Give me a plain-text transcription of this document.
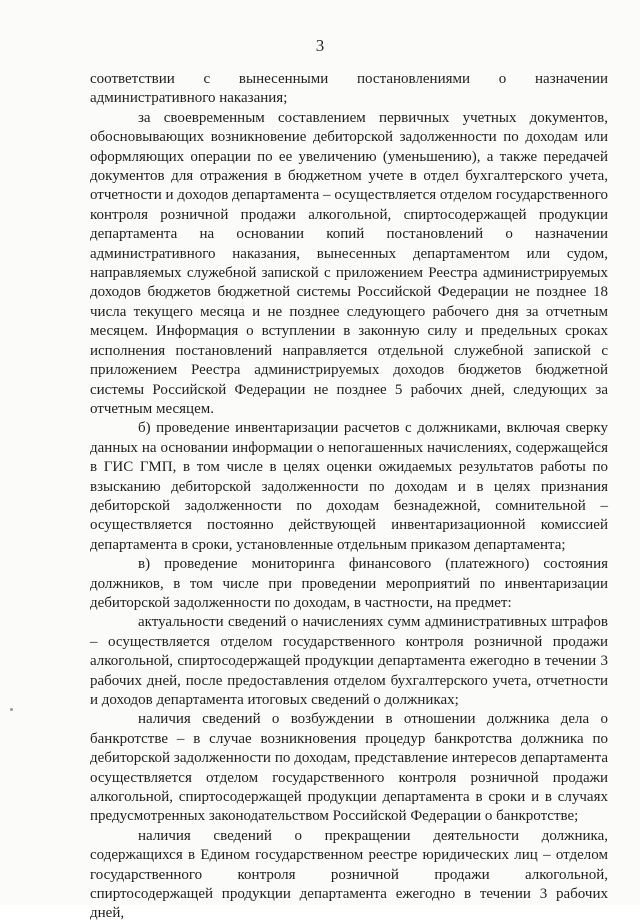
3

соответствии с вынесенными постановлениями о назначении административного наказания;

за своевременным составлением первичных учетных документов, обосновывающих возникновение дебиторской задолженности по доходам или оформляющих операции по ее увеличению (уменьшению), а также передачей документов для отражения в бюджетном учете в отдел бухгалтерского учета, отчетности и доходов департамента – осуществляется отделом государственного контроля розничной продажи алкогольной, спиртосодержащей продукции департамента на основании копий постановлений о назначении административного наказания, вынесенных департаментом или судом, направляемых служебной запиской с приложением Реестра администрируемых доходов бюджетов бюджетной системы Российской Федерации не позднее 18 числа текущего месяца и не позднее следующего рабочего дня за отчетным месяцем. Информация о вступлении в законную силу и предельных сроках исполнения постановлений направляется отдельной служебной запиской с приложением Реестра администрируемых доходов бюджетов бюджетной системы Российской Федерации не позднее 5 рабочих дней, следующих за отчетным месяцем.

б) проведение инвентаризации расчетов с должниками, включая сверку данных на основании информации о непогашенных начислениях, содержащейся в ГИС ГМП, в том числе в целях оценки ожидаемых результатов работы по взысканию дебиторской задолженности по доходам и в целях признания дебиторской задолженности по доходам безнадежной, сомнительной – осуществляется постоянно действующей инвентаризационной комиссией департамента в сроки, установленные отдельным приказом департамента;

в) проведение мониторинга финансового (платежного) состояния должников, в том числе при проведении мероприятий по инвентаризации дебиторской задолженности по доходам, в частности, на предмет:

актуальности сведений о начислениях сумм административных штрафов – осуществляется отделом государственного контроля розничной продажи алкогольной, спиртосодержащей продукции департамента ежегодно в течении 3 рабочих дней, после предоставления отделом бухгалтерского учета, отчетности и доходов департамента итоговых сведений о должниках;

наличия сведений о возбуждении в отношении должника дела о банкротстве – в случае возникновения процедур банкротства должника по дебиторской задолженности по доходам, представление интересов департамента осуществляется отделом государственного контроля розничной продажи алкогольной, спиртосодержащей продукции департамента в сроки и в случаях предусмотренных законодательством Российской Федерации о банкротстве;

наличия сведений о прекращении деятельности должника, содержащихся в Едином государственном реестре юридических лиц – отделом государственного контроля розничной продажи алкогольной, спиртосодержащей продукции департамента ежегодно в течении 3 рабочих дней,
